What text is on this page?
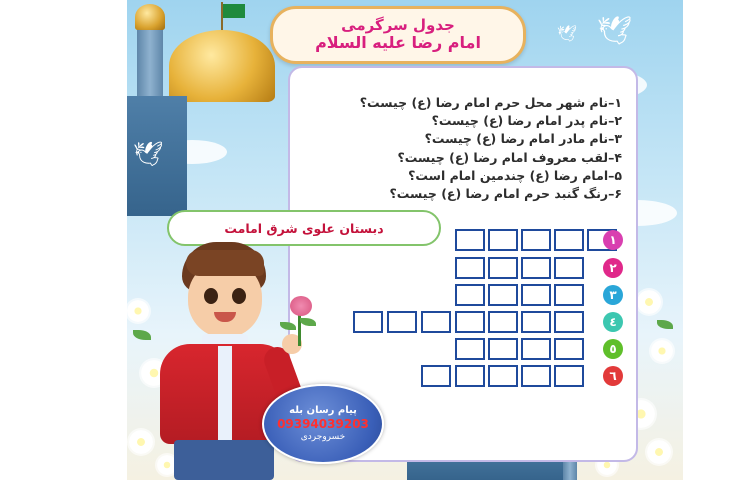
🕊
🕊
🕊
جدول سرگرمی
امام رضا علیه السلام
۱–نام شهر محل حرم امام رضا (ع) چیست؟
۲–نام پدر امام رضا (ع) چیست؟
۳–نام مادر امام رضا (ع) چیست؟
۴–لقب معروف امام رضا (ع) چیست؟
۵–امام رضا (ع) چندمین امام است؟
۶–رنگ گنبد حرم امام رضا (ع) چیست؟
دبستان علوی شرق امامت
١
٢
٣
٤
٥
٦
پیام رسان بله
09394039203
خسروجردی
